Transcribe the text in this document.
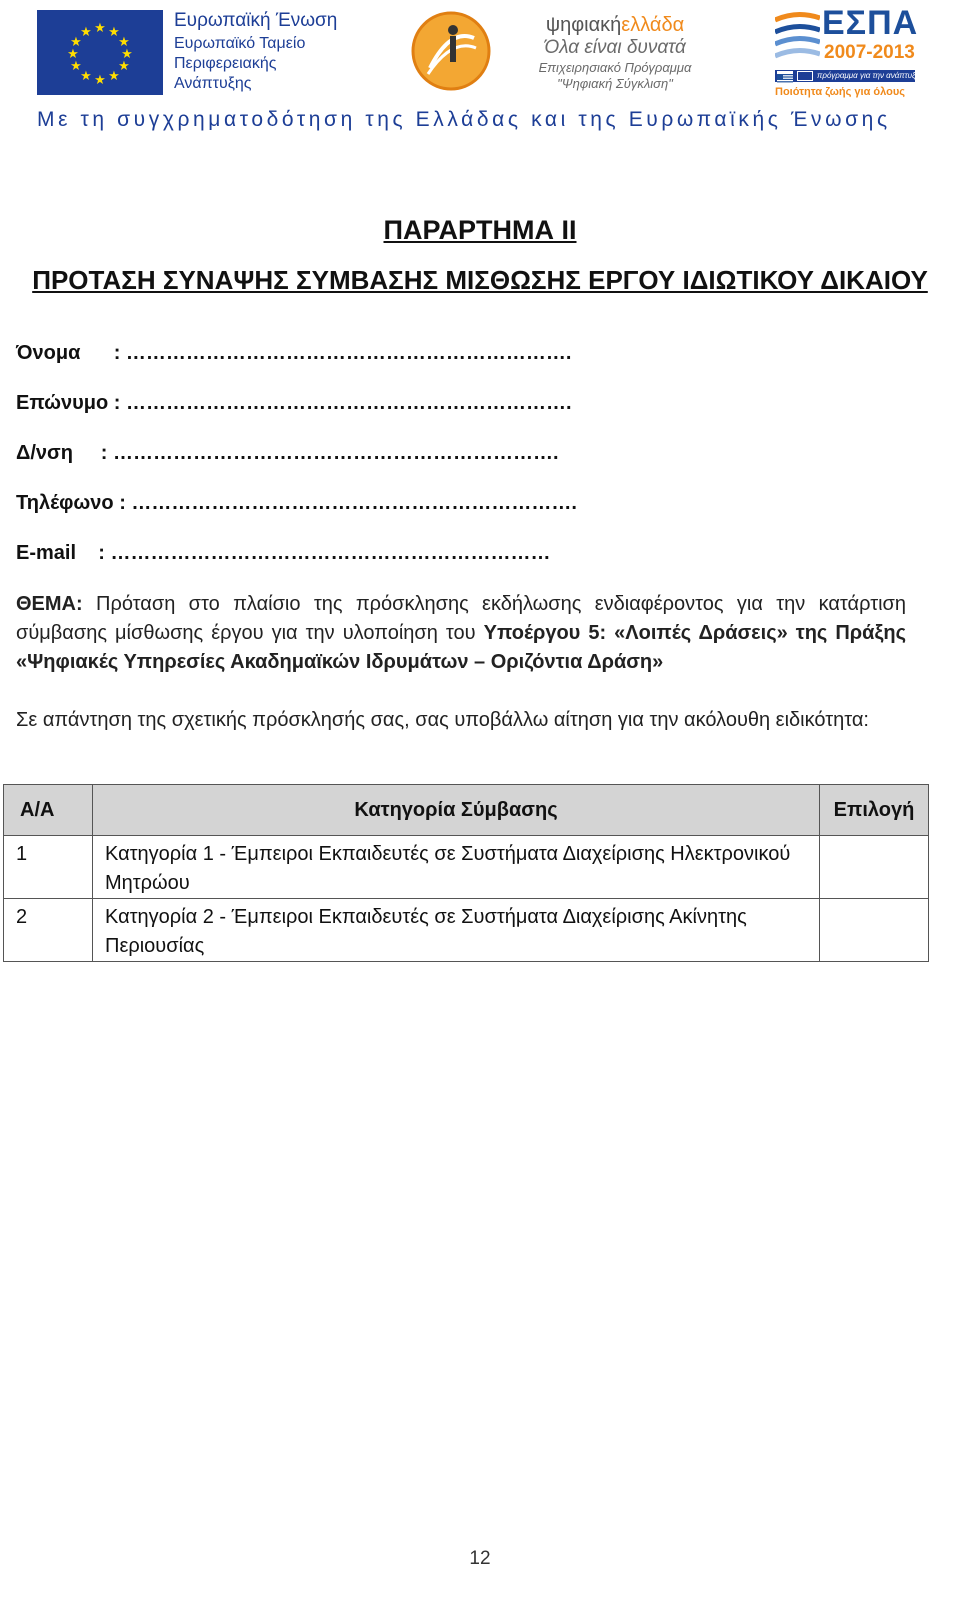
★ ★
★
★
★
★
★
★
★
★
★
★
Ευρωπαϊκή Ένωση
Ευρωπαϊκό Ταμείο
Περιφερειακής
Ανάπτυξης
ψηφιακήελλάδα
Όλα είναι δυνατά
Επιχειρησιακό Πρόγραμμα
"Ψηφιακή Σύγκλιση"
ΕΣΠΑ
2007-2013
πρόγραμμα για την ανάπτυξη
Ποιότητα ζωής για όλους
Με τη συγχρηματοδότηση της Ελλάδας και της Ευρωπαϊκής Ένωσης
ΠΑΡΑΡΤΗΜΑ ΙΙ
ΠΡΟΤΑΣΗ ΣΥΝΑΨΗΣ ΣΥΜΒΑΣΗΣ ΜΙΣΘΩΣΗΣ ΕΡΓΟΥ ΙΔΙΩΤΙΚΟΥ ΔΙΚΑΙΟΥ
Όνομα : ………………………………………………………….
Επώνυμο : ………………………………………………………….
Δ/νση : ………………………………………………………….
Τηλέφωνο : ………………………………………………………….
E-mail : …………………………………………………………
ΘΕΜΑ: Πρόταση στο πλαίσιο της πρόσκλησης εκδήλωσης ενδιαφέροντος για την κατάρτιση σύμβασης μίσθωσης έργου για την υλοποίηση του Υποέργου 5: «Λοιπές Δράσεις» της Πράξης «Ψηφιακές Υπηρεσίες Ακαδημαϊκών Ιδρυμάτων – Οριζόντια Δράση»
Σε απάντηση της σχετικής πρόσκλησής σας, σας υποβάλλω αίτηση για την ακόλουθη ειδικότητα:
Α/Α	Κατηγορία Σύμβασης	Επιλογή
1	Κατηγορία 1 - Έμπειροι Εκπαιδευτές σε Συστήματα Διαχείρισης Ηλεκτρονικού Μητρώου	
2	Κατηγορία 2 - Έμπειροι Εκπαιδευτές σε Συστήματα Διαχείρισης Ακίνητης Περιουσίας	
12
